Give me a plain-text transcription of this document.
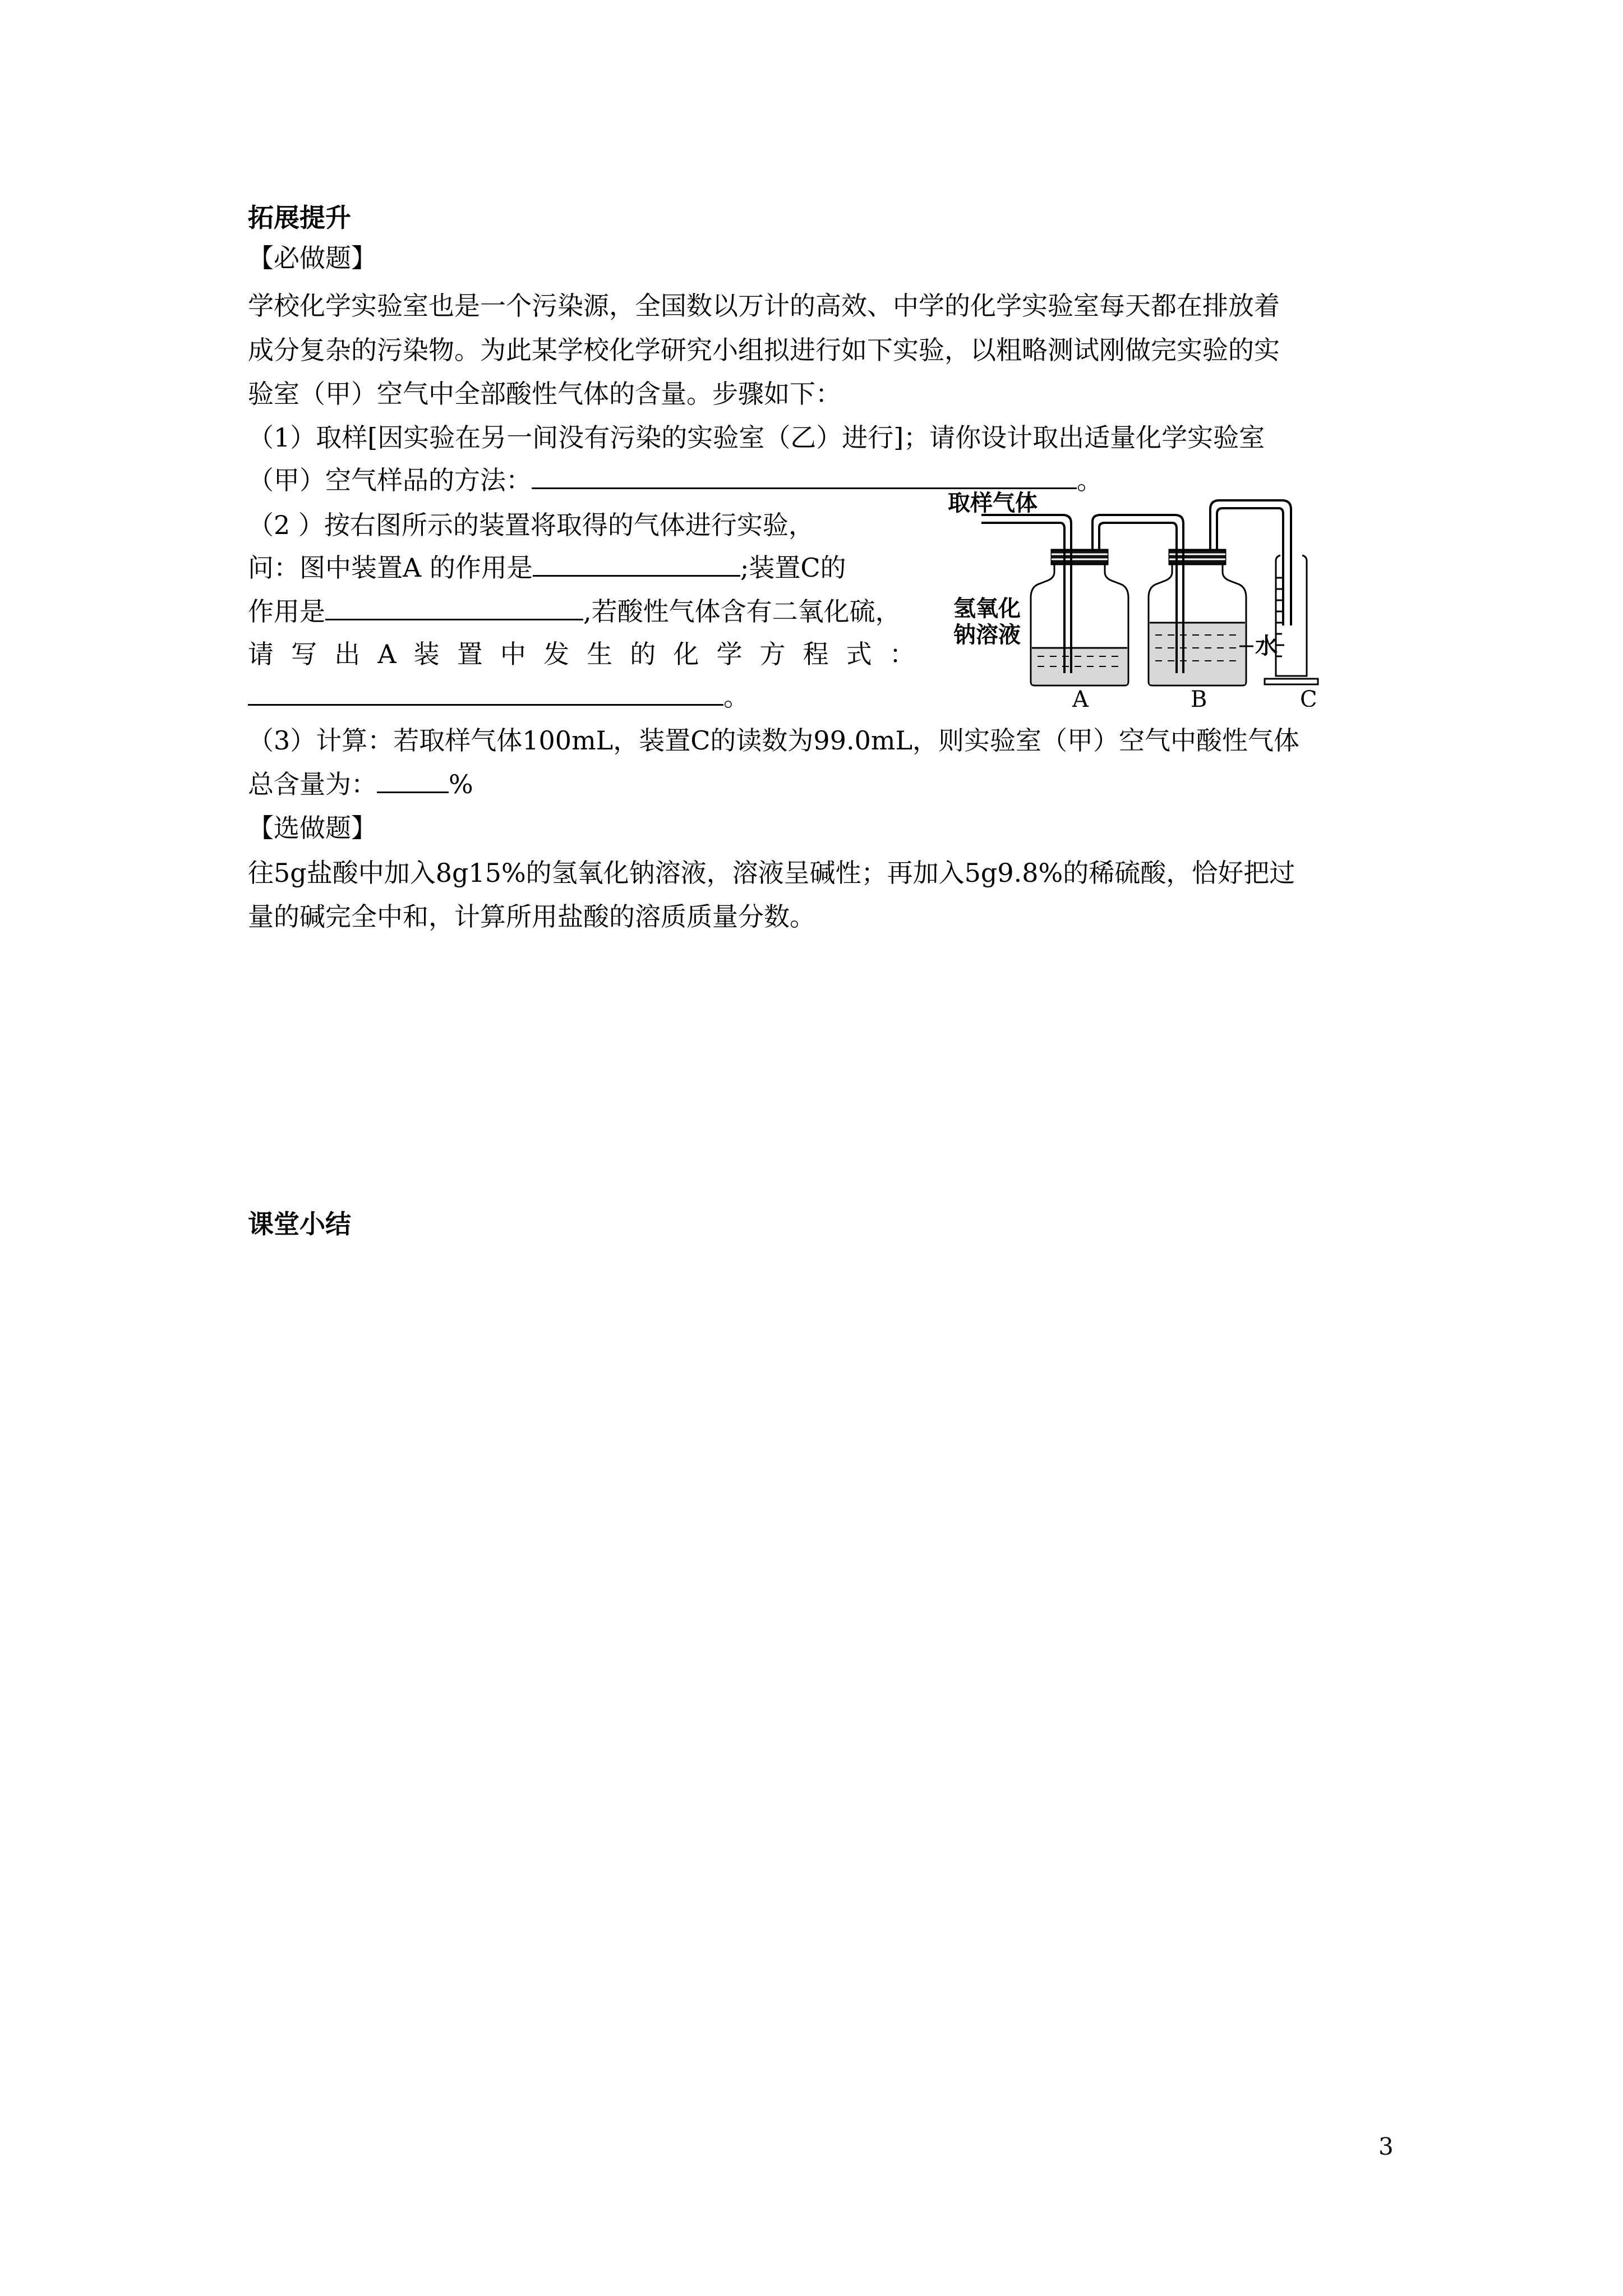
拓展提升
【必做题】
学校化学实验室也是一个污染源，全国数以万计的高效、中学的化学实验室每天都在排放着
成分复杂的污染物。为此某学校化学研究小组拟进行如下实验，以粗略测试刚做完实验的实
验室（甲）空气中全部酸性气体的含量。步骤如下：
（1）取样[因实验在另一间没有污染的实验室（乙）进行]；请你设计取出适量化学实验室
（甲）空气样品的方法：	。
（2 ）按右图所示的装置将取得的气体进行实验，
问：图中装置A 的作用是	;装置C的
作用是	,若酸性气体含有二氧化硫，
请 写 出 A 装 置 中 发 生 的 化 学 方 程 式 ：
。
（3）计算：若取样气体100mL，装置C的读数为99.0mL，则实验室（甲）空气中酸性气体
总含量为：	%
【选做题】
往5g盐酸中加入8g15%的氢氧化钠溶液，溶液呈碱性；再加入5g9.8%的稀硫酸，恰好把过
量的碱完全中和，计算所用盐酸的溶质质量分数。
课堂小结
取样气体
氢氧化
钠溶液	水
A	B	C
3
